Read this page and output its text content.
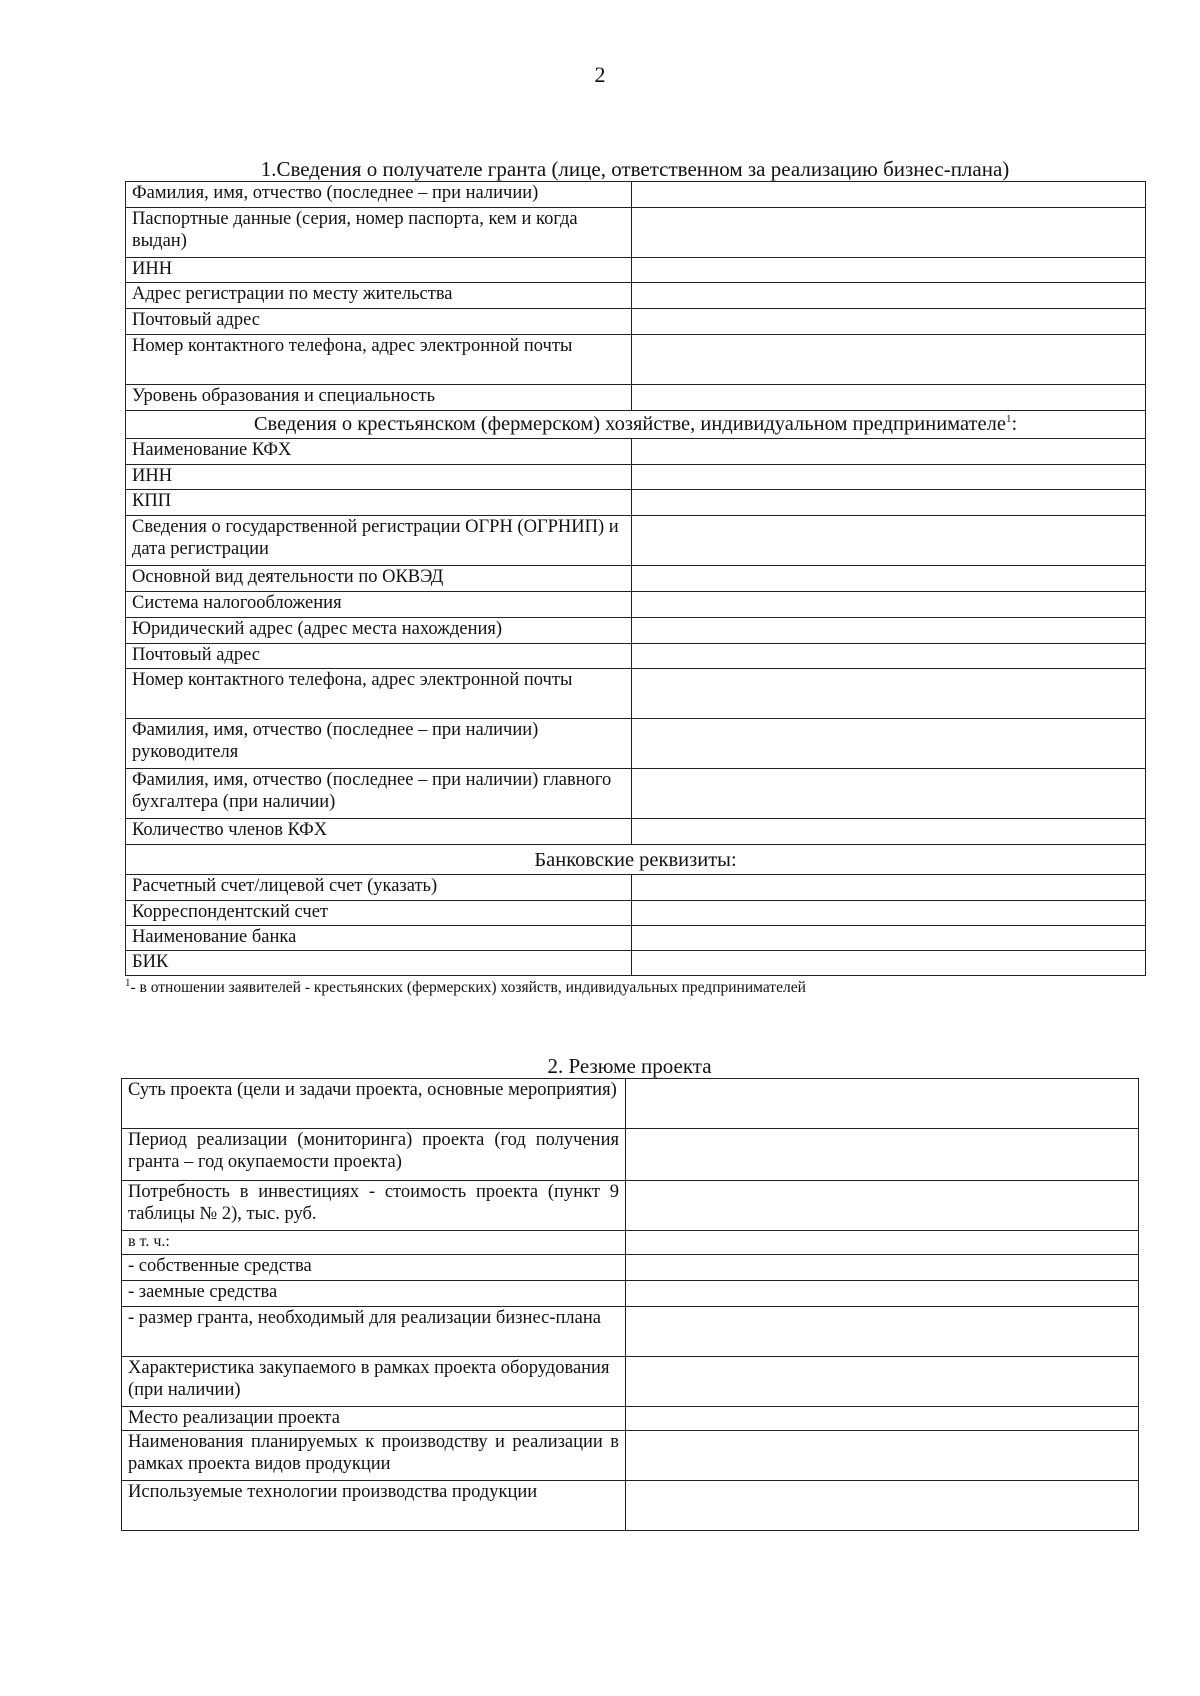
2
1.Сведения о получателе гранта (лице, ответственном за реализацию бизнес-плана)
Фамилия, имя, отчество (последнее – при наличии)	
Паспортные данные (серия, номер паспорта, кем и когда выдан)	
ИНН	
Адрес регистрации по месту жительства	
Почтовый адрес	
Номер контактного телефона, адрес электронной почты	
Уровень образования и специальность	
Сведения о крестьянском (фермерском) хозяйстве, индивидуальном предпринимателе$^1$:	
Наименование КФХ	
ИНН	
КПП	
Сведения о государственной регистрации ОГРН (ОГРНИП) и дата регистрации	
Основной вид деятельности по ОКВЭД	
Система налогообложения	
Юридический адрес (адрес места нахождения)	
Почтовый адрес	
Номер контактного телефона, адрес электронной почты	
Фамилия, имя, отчество (последнее – при наличии) руководителя	
Фамилия, имя, отчество (последнее – при наличии) главного бухгалтера (при наличии)	
Количество членов КФХ	
Банковские реквизиты:	
Расчетный счет/лицевой счет (указать)	
Корреспондентский счет	
Наименование банка	
БИК	
$^1$- в отношении заявителей - крестьянских (фермерских) хозяйств, индивидуальных предпринимателей
2. Резюме проекта
Суть проекта (цели и задачи проекта, основные мероприятия)	
Период реализации (мониторинга) проекта (год получения гранта – год окупаемости проекта)	
Потребность в инвестициях - стоимость проекта (пункт 9 таблицы № 2), тыс. руб.	
в т. ч.:	
- собственные средства	
- заемные средства	
- размер гранта, необходимый для реализации бизнес-плана	
Характеристика закупаемого в рамках проекта оборудования (при наличии)	
Место реализации проекта	
Наименования планируемых к производству и реализации в рамках проекта видов продукции	
Используемые технологии производства продукции	
